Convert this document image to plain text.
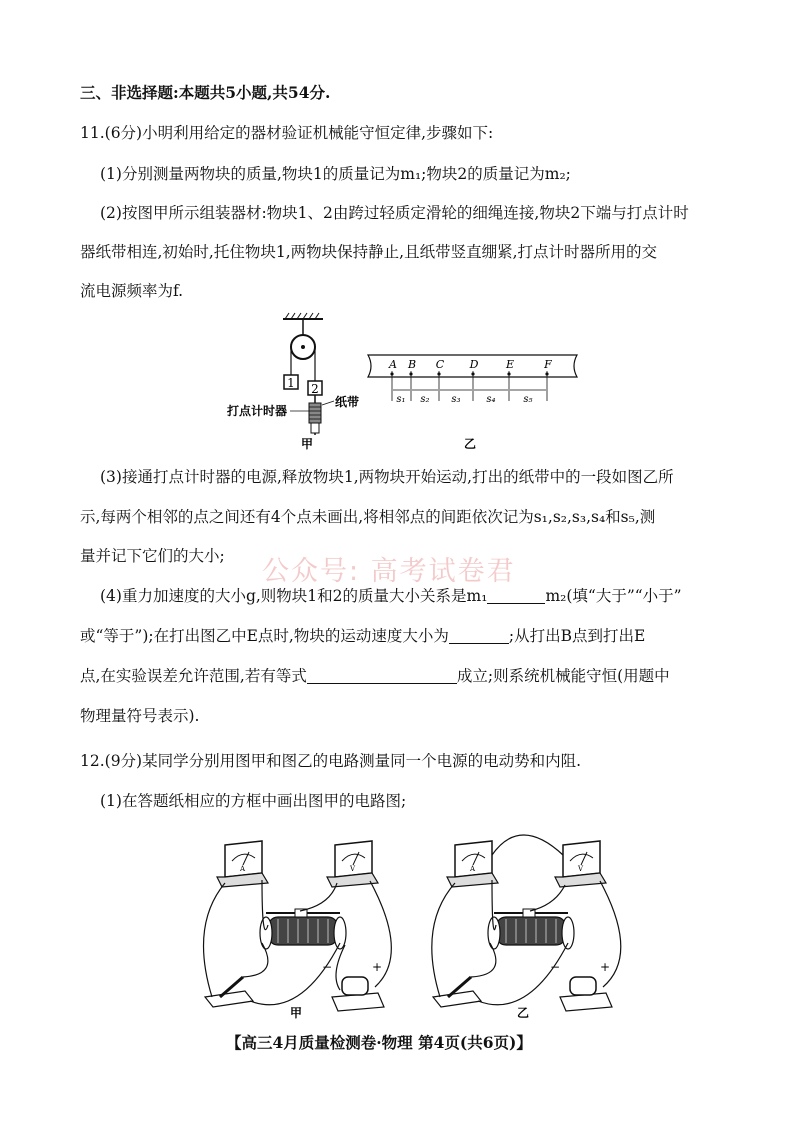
三、非选择题:本题共5小题,共54分.
11.(6分)小明利用给定的器材验证机械能守恒定律,步骤如下:
(1)分别测量两物块的质量,物块1的质量记为m₁;物块2的质量记为m₂;
(2)按图甲所示组装器材:物块1、2由跨过轻质定滑轮的细绳连接,物块2下端与打点计时
器纸带相连,初始时,托住物块1,两物块保持静止,且纸带竖直绷紧,打点计时器所用的交
流电源频率为f.
1 2
打点计时器
纸带
甲
A B C D	E	F
s₁ s₂ s₃	s₄	s₅
乙
(3)接通打点计时器的电源,释放物块1,两物块开始运动,打出的纸带中的一段如图乙所
示,每两个相邻的点之间还有4个点未画出,将相邻点的间距依次记为s₁,s₂,s₃,s₄和s₅,测
量并记下它们的大小; 公众号: 高考试卷君
(4)重力加速度的大小g,则物块1和2的质量大小关系是m₁	m₂(填“大于”“小于”
或“等于”);在打出图乙中E点时,物块的运动速度大小为	;从打出B点到打出E
点,在实验误差允许范围,若有等式	成立;则系统机械能守恒(用题中
物理量符号表示).
12.(9分)某同学分别用图甲和图乙的电路测量同一个电源的电动势和内阻.
(1)在答题纸相应的方框中画出图甲的电路图;
A	V
−	+
甲
A	V
−	+
乙
【高三4月质量检测卷·物理 第4页(共6页)】
